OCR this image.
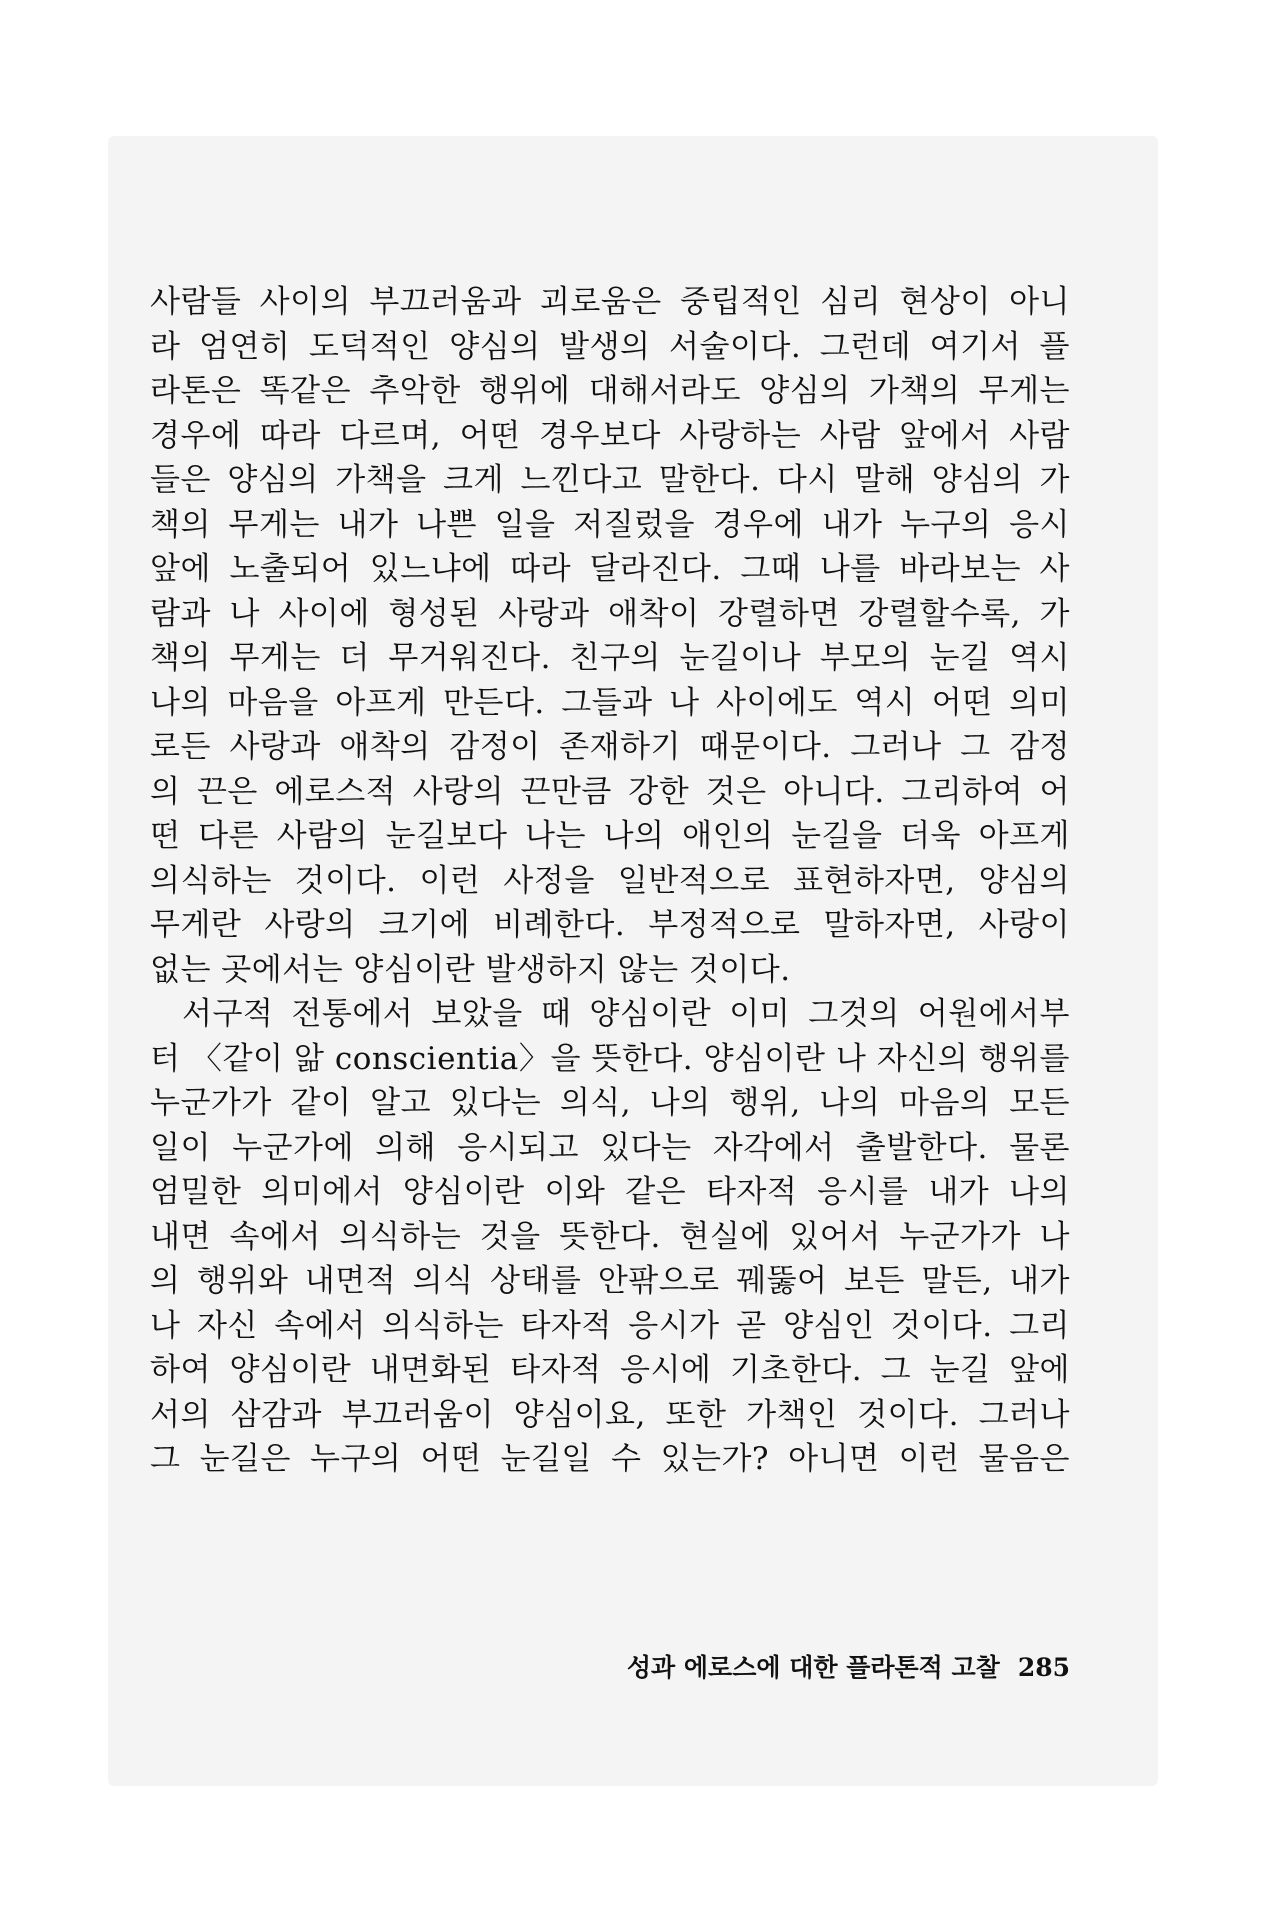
사람들 사이의 부끄러움과 괴로움은 중립적인 심리 현상이 아니
라 엄연히 도덕적인 양심의 발생의 서술이다. 그런데 여기서 플
라톤은 똑같은 추악한 행위에 대해서라도 양심의 가책의 무게는
경우에 따라 다르며, 어떤 경우보다 사랑하는 사람 앞에서 사람
들은 양심의 가책을 크게 느낀다고 말한다. 다시 말해 양심의 가
책의 무게는 내가 나쁜 일을 저질렀을 경우에 내가 누구의 응시
앞에 노출되어 있느냐에 따라 달라진다. 그때 나를 바라보는 사
람과 나 사이에 형성된 사랑과 애착이 강렬하면 강렬할수록, 가
책의 무게는 더 무거워진다. 친구의 눈길이나 부모의 눈길 역시
나의 마음을 아프게 만든다. 그들과 나 사이에도 역시 어떤 의미
로든 사랑과 애착의 감정이 존재하기 때문이다. 그러나 그 감정
의 끈은 에로스적 사랑의 끈만큼 강한 것은 아니다. 그리하여 어
떤 다른 사람의 눈길보다 나는 나의 애인의 눈길을 더욱 아프게
의식하는 것이다. 이런 사정을 일반적으로 표현하자면, 양심의
무게란 사랑의 크기에 비례한다. 부정적으로 말하자면, 사랑이
없는 곳에서는 양심이란 발생하지 않는 것이다.
서구적 전통에서 보았을 때 양심이란 이미 그것의 어원에서부
터 〈같이 앎 conscientia〉을 뜻한다. 양심이란 나 자신의 행위를
누군가가 같이 알고 있다는 의식, 나의 행위, 나의 마음의 모든
일이 누군가에 의해 응시되고 있다는 자각에서 출발한다. 물론
엄밀한 의미에서 양심이란 이와 같은 타자적 응시를 내가 나의
내면 속에서 의식하는 것을 뜻한다. 현실에 있어서 누군가가 나
의 행위와 내면적 의식 상태를 안팎으로 꿰뚫어 보든 말든, 내가
나 자신 속에서 의식하는 타자적 응시가 곧 양심인 것이다. 그리
하여 양심이란 내면화된 타자적 응시에 기초한다. 그 눈길 앞에
서의 삼감과 부끄러움이 양심이요, 또한 가책인 것이다. 그러나
그 눈길은 누구의 어떤 눈길일 수 있는가? 아니면 이런 물음은
성과 에로스에 대한 플라톤적 고찰 285
